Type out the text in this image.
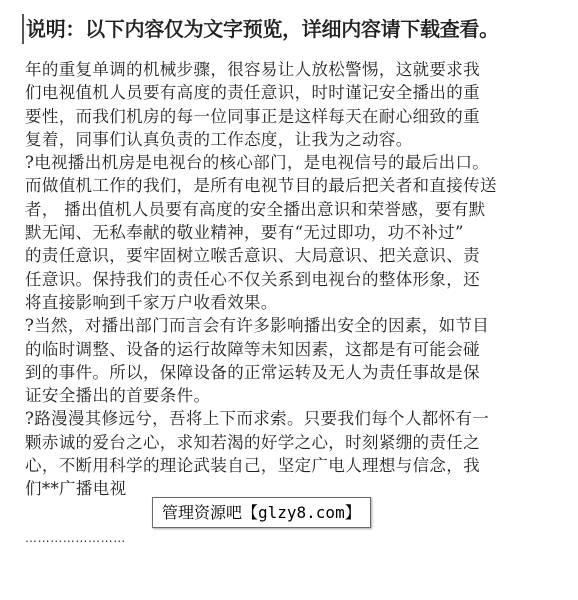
说明：以下内容仅为文字预览，详细内容请下载查看。
年的重复单调的机械步骤，很容易让人放松警惕，这就要求我
们电视值机人员要有高度的责任意识，时时谨记安全播出的重
要性，而我们机房的每一位同事正是这样每天在耐心细致的重
复着，同事们认真负责的工作态度，让我为之动容。
?电视播出机房是电视台的核心部门，是电视信号的最后出口。
而做值机工作的我们，是所有电视节目的最后把关者和直接传送
者， 播出值机人员要有高度的安全播出意识和荣誉感，要有默
默无闻、无私奉献的敬业精神，要有“无过即功，功不补过”
的责任意识，要牢固树立喉舌意识、大局意识、把关意识、责
任意识。保持我们的责任心不仅关系到电视台的整体形象，还
将直接影响到千家万户收看效果。
?当然，对播出部门而言会有许多影响播出安全的因素，如节目
的临时调整、设备的运行故障等未知因素，这都是有可能会碰
到的事件。所以，保障设备的正常运转及无人为责任事故是保
证安全播出的首要条件。
?路漫漫其修远兮，吾将上下而求索。只要我们每个人都怀有一
颗赤诚的爱台之心，求知若渴的好学之心，时刻紧绷的责任之
心，不断用科学的理论武装自己，坚定广电人理想与信念，我
们**广播电视
管理资源吧【glzy8.com】
……………………
